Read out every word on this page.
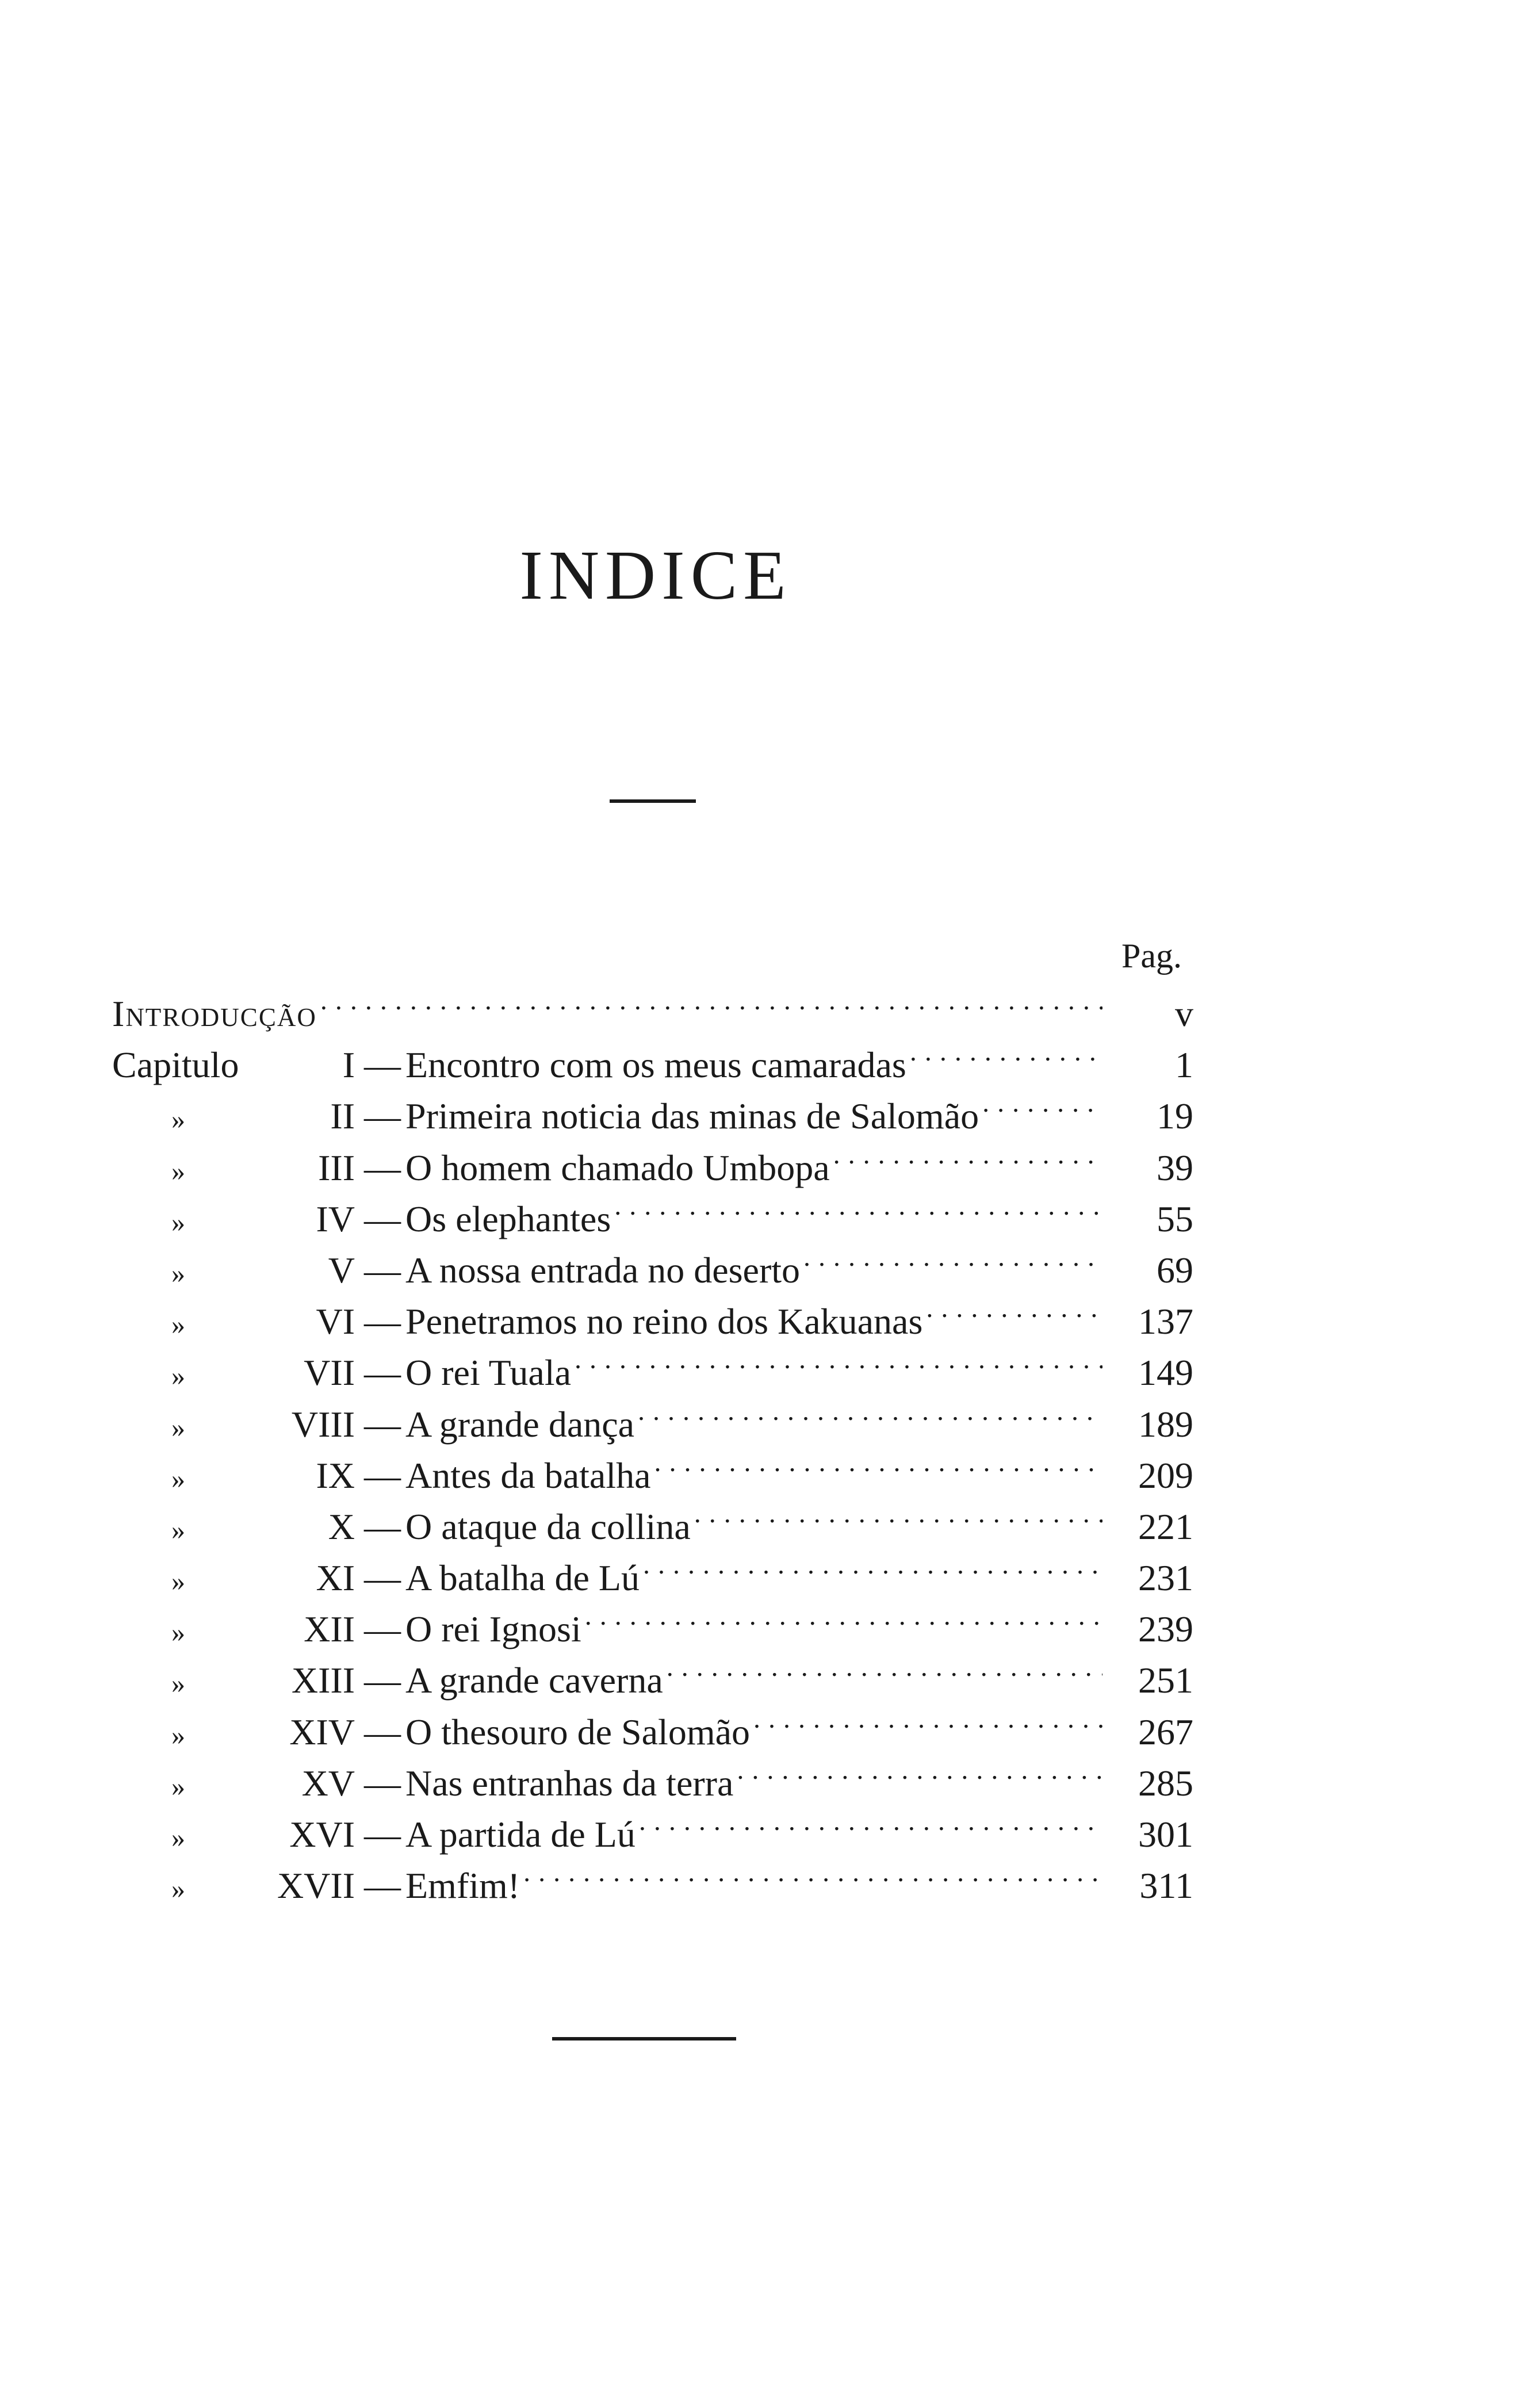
INDICE
Pag.
Introducção . . .	v
Capitulo	I — Encontro com os meus camaradas . . .	1
»	II — Primeira noticia das minas de Salomão . . .	19
»	III — O homem chamado Umbopa . . .	39
»	IV — Os elephantes . . .	55
»	V — A nossa entrada no deserto . . .	69
»	VI — Penetramos no reino dos Kakuanas . . .	137
»	VII — O rei Tuala . . .	149
»	VIII — A grande dança . . .	189
»	IX — Antes da batalha . . .	209
»	X — O ataque da collina . . .	221
»	XI — A batalha de Lú . . .	231
»	XII — O rei Ignosi . . .	239
»	XIII — A grande caverna . . .	251
»	XIV — O thesouro de Salomão . . .	267
»	XV — Nas entranhas da terra . . .	285
»	XVI — A partida de Lú . . .	301
»	XVII — Emfim! . . .	311
